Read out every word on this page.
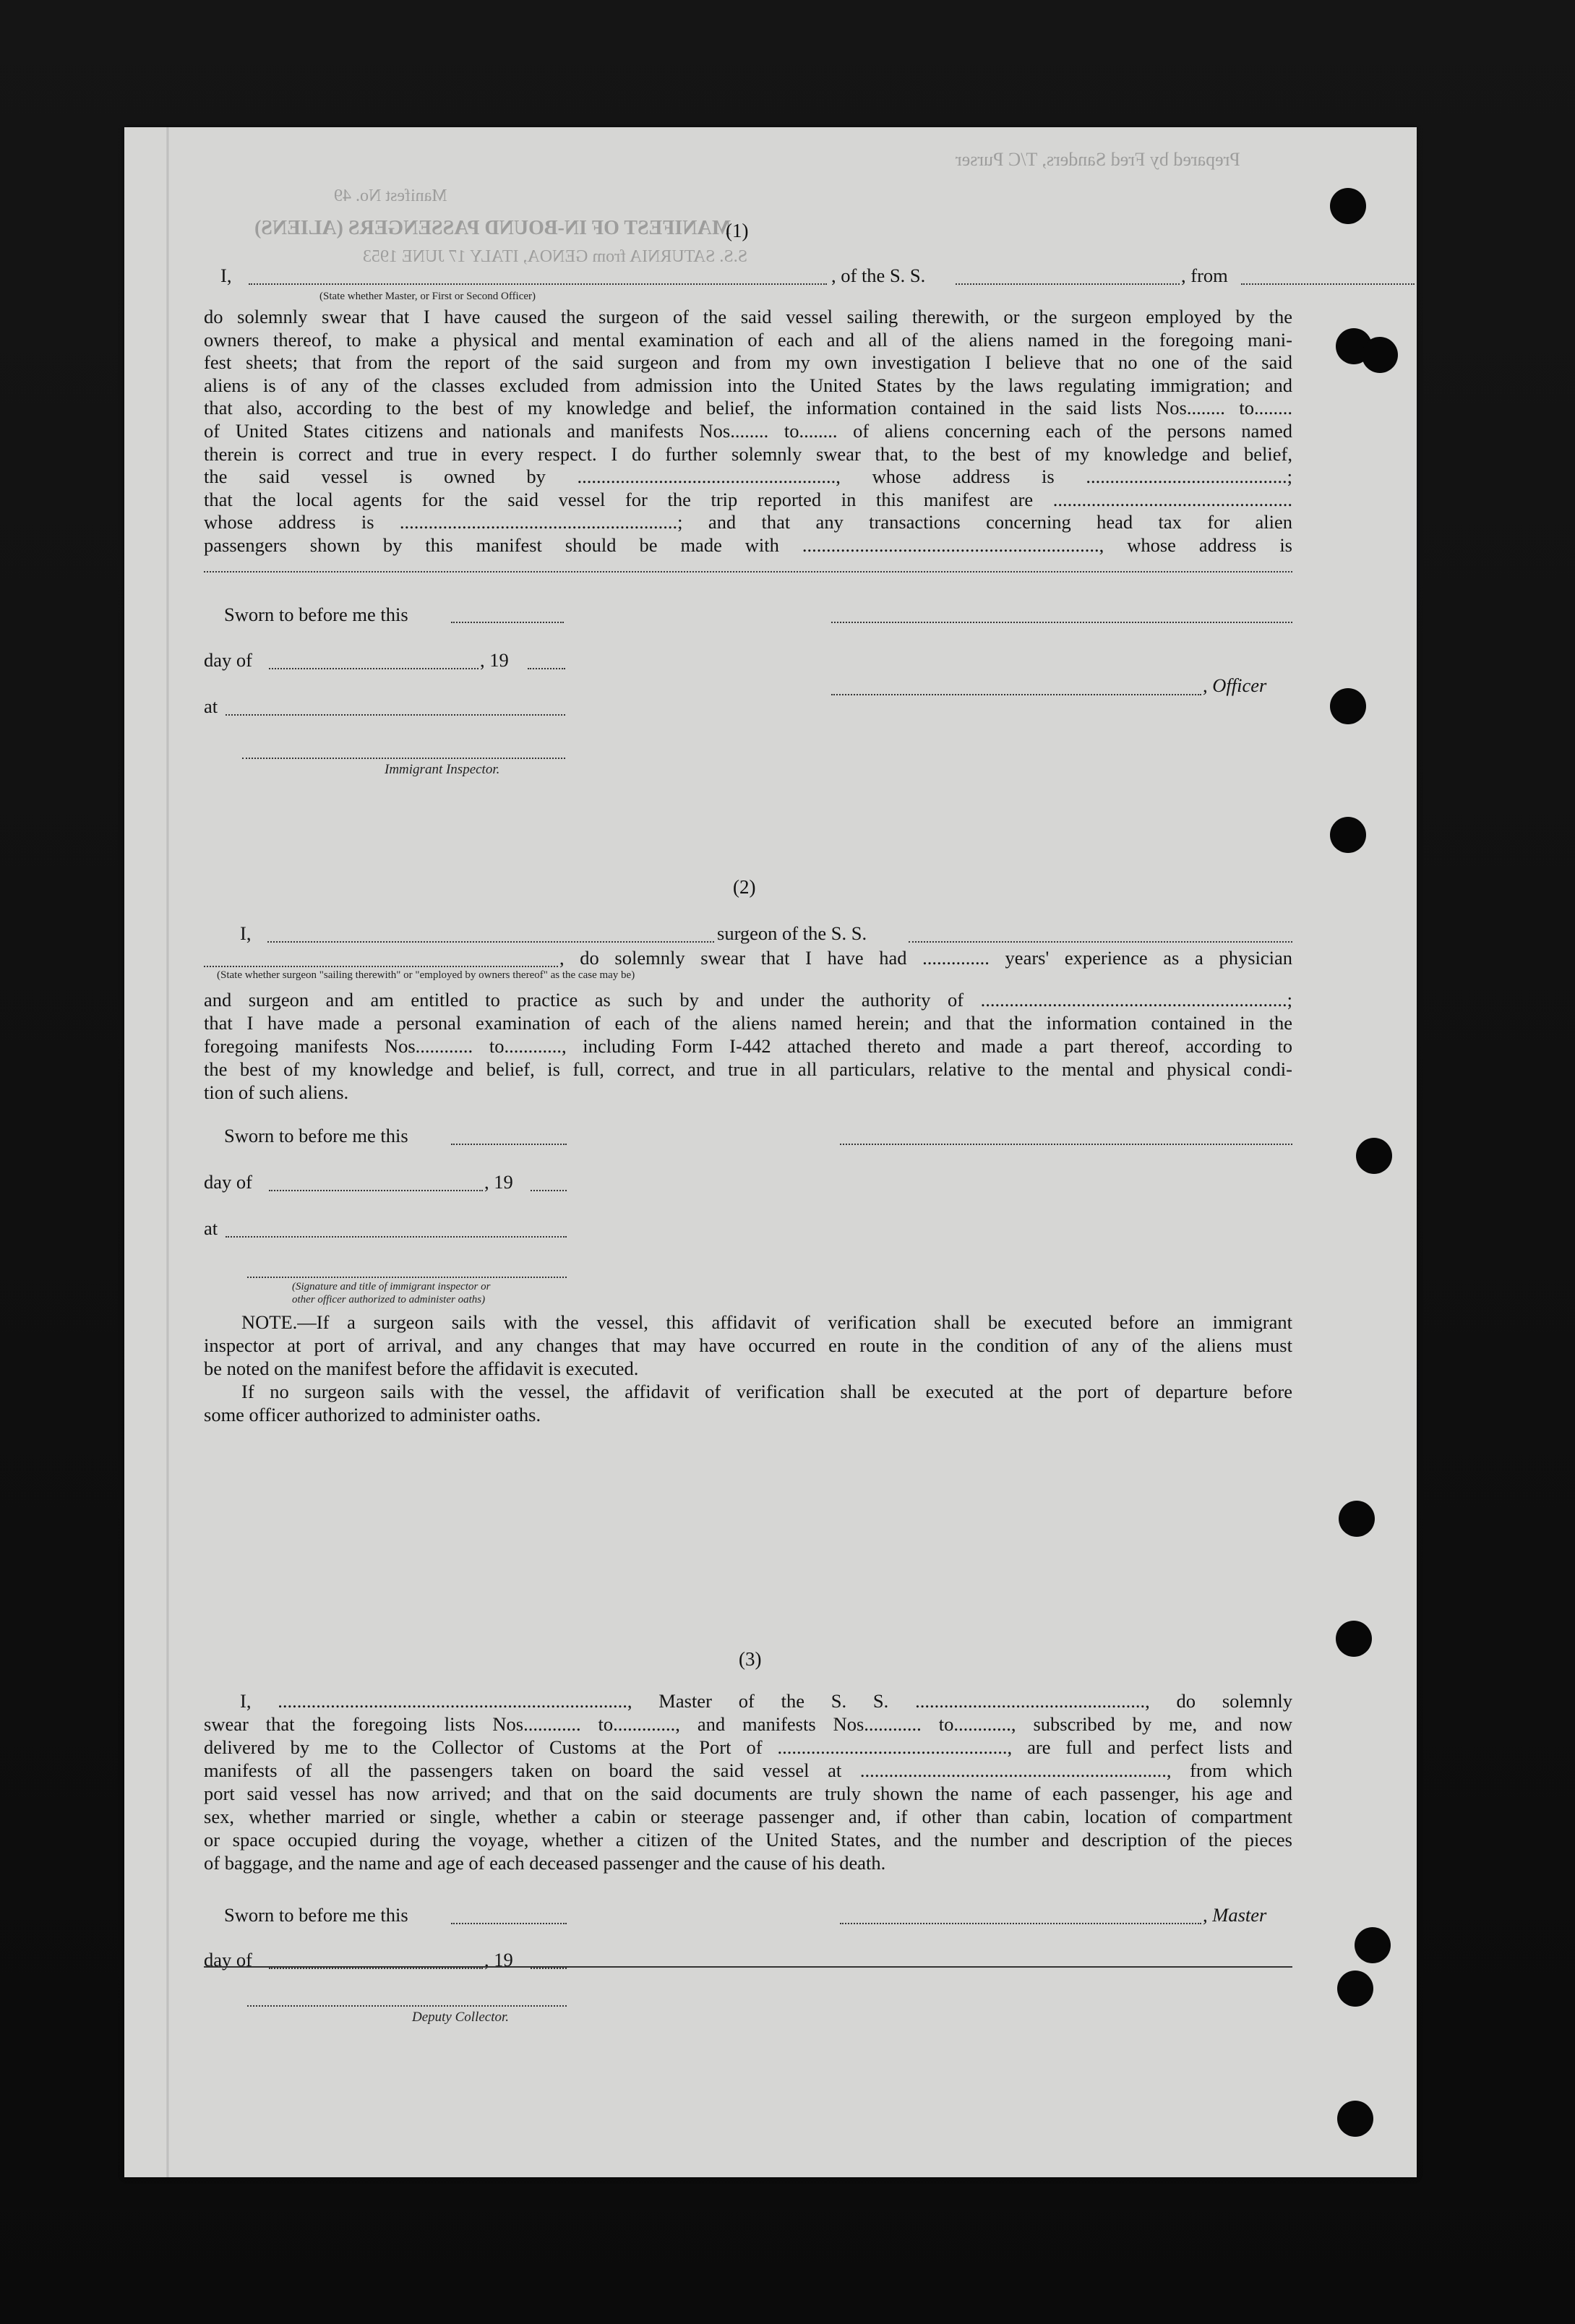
Prepared by Fred Sanders, T/C Purser
Manifest No. 49
MANIFEST OF IN-BOUND PASSENGERS (ALIENS)
S.S. SATURNIA from GENOA, ITALY 17 JUNE 1953
(1)
I,	, of the S. S.	, from
(State whether Master, or First or Second Officer)
do solemnly swear that I have caused the surgeon of the said vessel sailing therewith, or the surgeon employed by the
owners thereof, to make a physical and mental examination of each and all of the aliens named in the foregoing mani-
fest sheets; that from the report of the said surgeon and from my own investigation I believe that no one of the said
aliens is of any of the classes excluded from admission into the United States by the laws regulating immigration; and
that also, according to the best of my knowledge and belief, the information contained in the said lists Nos........ to........
of United States citizens and nationals and manifests Nos........ to........ of aliens concerning each of the persons named
therein is correct and true in every respect. I do further solemnly swear that, to the best of my knowledge and belief,
the said vessel is owned by ......................................................, whose address is ..........................................;
that the local agents for the said vessel for the trip reported in this manifest are ..................................................
whose address is ..........................................................; and that any transactions concerning head tax for alien
passengers shown by this manifest should be made with .............................................................., whose address is
Sworn to before me this
day of	, 19
, Officer
at
Immigrant Inspector.
(2)
I,	surgeon of the S. S.
, do solemnly swear that I have had .............. years' experience as a physician
(State whether surgeon "sailing therewith" or "employed by owners thereof" as the case may be)
and surgeon and am entitled to practice as such by and under the authority of ................................................................;
that I have made a personal examination of each of the aliens named herein; and that the information contained in the
foregoing manifests Nos............ to............, including Form I-442 attached thereto and made a part thereof, according to
the best of my knowledge and belief, is full, correct, and true in all particulars, relative to the mental and physical condi-
tion of such aliens.
Sworn to before me this
day of	, 19
at
(Signature and title of immigrant inspector or
other officer authorized to administer oaths)
NOTE.—If a surgeon sails with the vessel, this affidavit of verification shall be executed before an immigrant
inspector at port of arrival, and any changes that may have occurred en route in the condition of any of the aliens must
be noted on the manifest before the affidavit is executed.
If no surgeon sails with the vessel, the affidavit of verification shall be executed at the port of departure before
some officer authorized to administer oaths.
(3)
I, ........................................................................., Master of the S. S. ................................................, do solemnly
swear that the foregoing lists Nos............ to............., and manifests Nos............ to............, subscribed by me, and now
delivered by me to the Collector of Customs at the Port of ................................................, are full and perfect lists and
manifests of all the passengers taken on board the said vessel at ................................................................, from which
port said vessel has now arrived; and that on the said documents are truly shown the name of each passenger, his age and
sex, whether married or single, whether a cabin or steerage passenger and, if other than cabin, location of compartment
or space occupied during the voyage, whether a citizen of the United States, and the number and description of the pieces
of baggage, and the name and age of each deceased passenger and the cause of his death.
Sworn to before me this	, Master
day of	, 19
Deputy Collector.
